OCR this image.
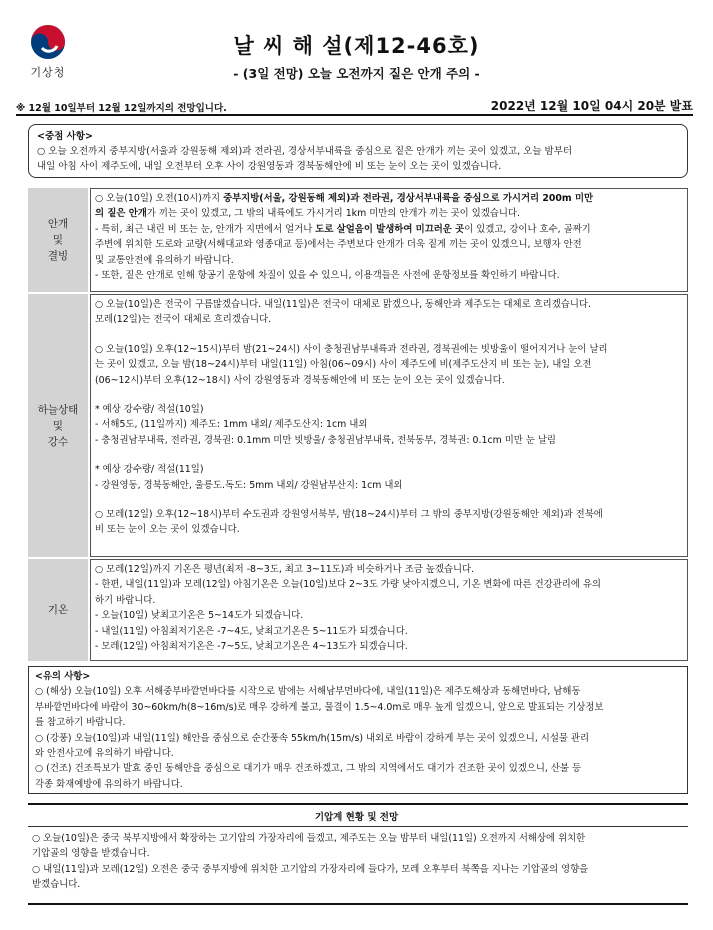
기상청
날 씨 해 설(제12-46호)
- (3일 전망) 오늘 오전까지 짙은 안개 주의 -
※ 12월 10일부터 12월 12일까지의 전망입니다.	2022년 12월 10일 04시 20분 발표
<중점 사항>
○ 오늘 오전까지 중부지방(서울과 강원동해 제외)과 전라권, 경상서부내륙을 중심으로 짙은 안개가 끼는 곳이 있겠고, 오늘 밤부터
내일 아침 사이 제주도에, 내일 오전부터 오후 사이 강원영동과 경북동해안에 비 또는 눈이 오는 곳이 있겠습니다.
안개
및
결빙

○ 오늘(10일) 오전(10시)까지 중부지방(서울, 강원동해 제외)과 전라권, 경상서부내륙을 중심으로 가시거리 200m 미만

의 짙은 안개가 끼는 곳이 있겠고, 그 밖의 내륙에도 가시거리 1km 미만의 안개가 끼는 곳이 있겠습니다.

- 특히, 최근 내린 비 또는 눈, 안개가 지면에서 얼거나 도로 살얼음이 발생하여 미끄러운 곳이 있겠고, 강이나 호수, 골짜기

주변에 위치한 도로와 교량(서해대교와 영종대교 등)에서는 주변보다 안개가 더욱 짙게 끼는 곳이 있겠으니, 보행자 안전

및 교통안전에 유의하기 바랍니다.

- 또한, 짙은 안개로 인해 항공기 운항에 차질이 있을 수 있으니, 이용객들은 사전에 운항정보를 확인하기 바랍니다.

하늘상태
및
강수

○ 오늘(10일)은 전국이 구름많겠습니다. 내일(11일)은 전국이 대체로 맑겠으나, 동해안과 제주도는 대체로 흐리겠습니다.

모레(12일)는 전국이 대체로 흐리겠습니다.

○ 오늘(10일) 오후(12~15시)부터 밤(21~24시) 사이 충청권남부내륙과 전라권, 경북권에는 빗방울이 떨어지거나 눈이 날리

는 곳이 있겠고, 오늘 밤(18~24시)부터 내일(11일) 아침(06~09시) 사이 제주도에 비(제주도산지 비 또는 눈), 내일 오전

(06~12시)부터 오후(12~18시) 사이 강원영동과 경북동해안에 비 또는 눈이 오는 곳이 있겠습니다.

* 예상 강수량/ 적설(10일)

- 서해5도, (11일까지) 제주도: 1mm 내외/ 제주도산지: 1cm 내외

- 충청권남부내륙, 전라권, 경북권: 0.1mm 미만 빗방울/ 충청권남부내륙, 전북동부, 경북권: 0.1cm 미만 눈 날림

* 예상 강수량/ 적설(11일)

- 강원영동, 경북동해안, 울릉도.독도: 5mm 내외/ 강원남부산지: 1cm 내외

○ 모레(12일) 오후(12~18시)부터 수도권과 강원영서북부, 밤(18~24시)부터 그 밖의 중부지방(강원동해안 제외)과 전북에

비 또는 눈이 오는 곳이 있겠습니다.

기온

○ 모레(12일)까지 기온은 평년(최저 -8~3도, 최고 3~11도)과 비슷하거나 조금 높겠습니다.

- 한편, 내일(11일)과 모레(12일) 아침기온은 오늘(10일)보다 2~3도 가량 낮아지겠으니, 기온 변화에 따른 건강관리에 유의

하기 바랍니다.

- 오늘(10일) 낮최고기온은 5~14도가 되겠습니다.

- 내일(11일) 아침최저기온은 -7~4도, 낮최고기온은 5~11도가 되겠습니다.

- 모레(12일) 아침최저기온은 -7~5도, 낮최고기온은 4~13도가 되겠습니다.

<유의 사항>
○ (해상) 오늘(10일) 오후 서해중부바깥먼바다를 시작으로 밤에는 서해남부먼바다에, 내일(11일)은 제주도해상과 동해먼바다, 남해동
부바깥먼바다에 바람이 30~60km/h(8~16m/s)로 매우 강하게 불고, 물결이 1.5~4.0m로 매우 높게 일겠으니, 앞으로 발표되는 기상정보
를 참고하기 바랍니다.
○ (강풍) 오늘(10일)과 내일(11일) 해안을 중심으로 순간풍속 55km/h(15m/s) 내외로 바람이 강하게 부는 곳이 있겠으니, 시설물 관리
와 안전사고에 유의하기 바랍니다.
○ (건조) 건조특보가 발효 중인 동해안을 중심으로 대기가 매우 건조하겠고, 그 밖의 지역에서도 대기가 건조한 곳이 있겠으니, 산불 등
각종 화재예방에 유의하기 바랍니다.
기압계 현황 및 전망
○ 오늘(10일)은 중국 북부지방에서 확장하는 고기압의 가장자리에 들겠고, 제주도는 오늘 밤부터 내일(11일) 오전까지 서해상에 위치한
기압골의 영향을 받겠습니다.
○ 내일(11일)과 모레(12일) 오전은 중국 중부지방에 위치한 고기압의 가장자리에 들다가, 모레 오후부터 북쪽을 지나는 기압골의 영향을
받겠습니다.
